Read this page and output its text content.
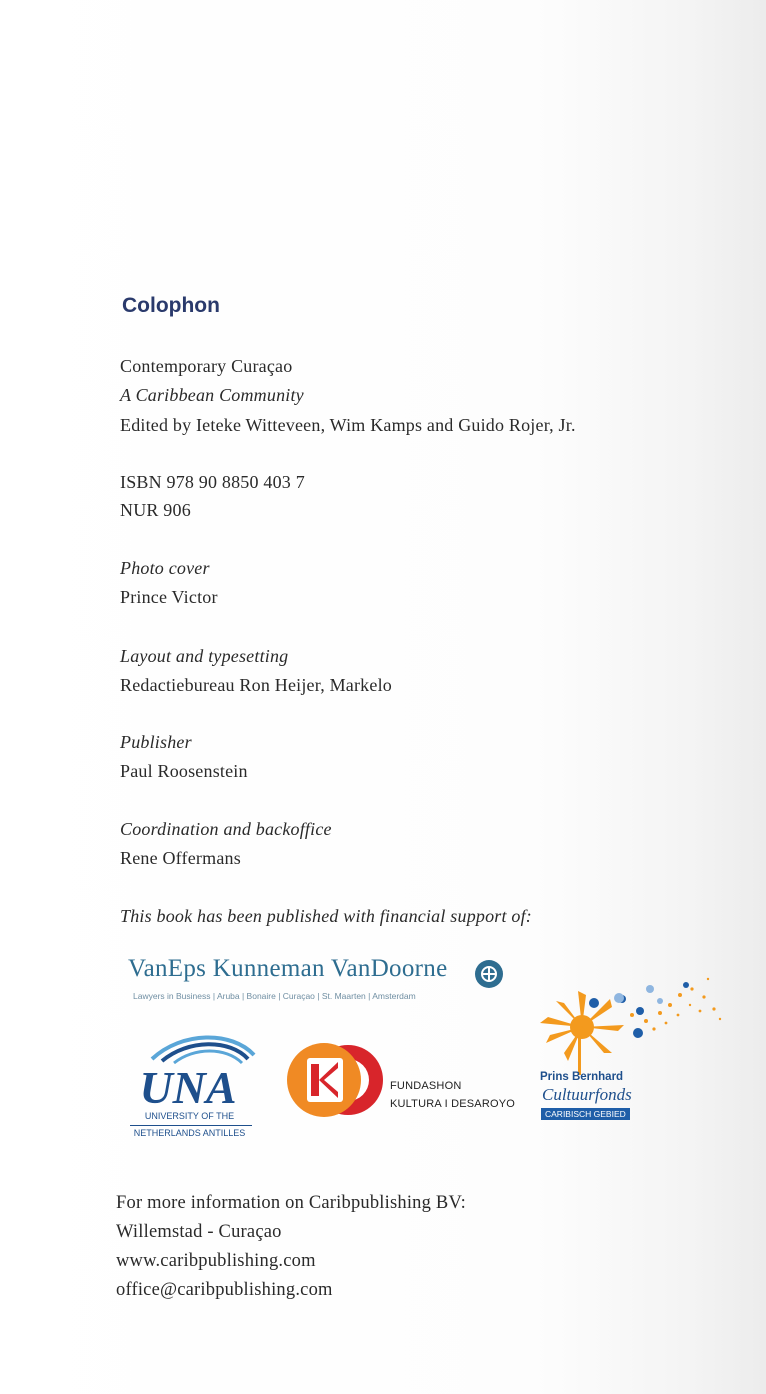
Colophon
Contemporary Curaçao
A Caribbean Community
Edited by Ieteke Witteveen, Wim Kamps and Guido Rojer, Jr.
ISBN 978 90 8850 403 7
NUR 906
Photo cover
Prince Victor
Layout and typesetting
Redactiebureau Ron Heijer, Markelo
Publisher
Paul Roosenstein
Coordination and backoffice
Rene Offermans
This book has been published with financial support of:
VanEps Kunneman VanDoorne
Lawyers in Business | Aruba | Bonaire | Curaçao | St. Maarten | Amsterdam
UNA
UNIVERSITY OF THE
NETHERLANDS ANTILLES
FUNDASHON
KULTURA I DESAROYO
Prins Bernhard
Cultuurfonds
CARIBISCH GEBIED
For more information on Caribpublishing BV:
Willemstad - Curaçao
www.caribpublishing.com
office@caribpublishing.com
